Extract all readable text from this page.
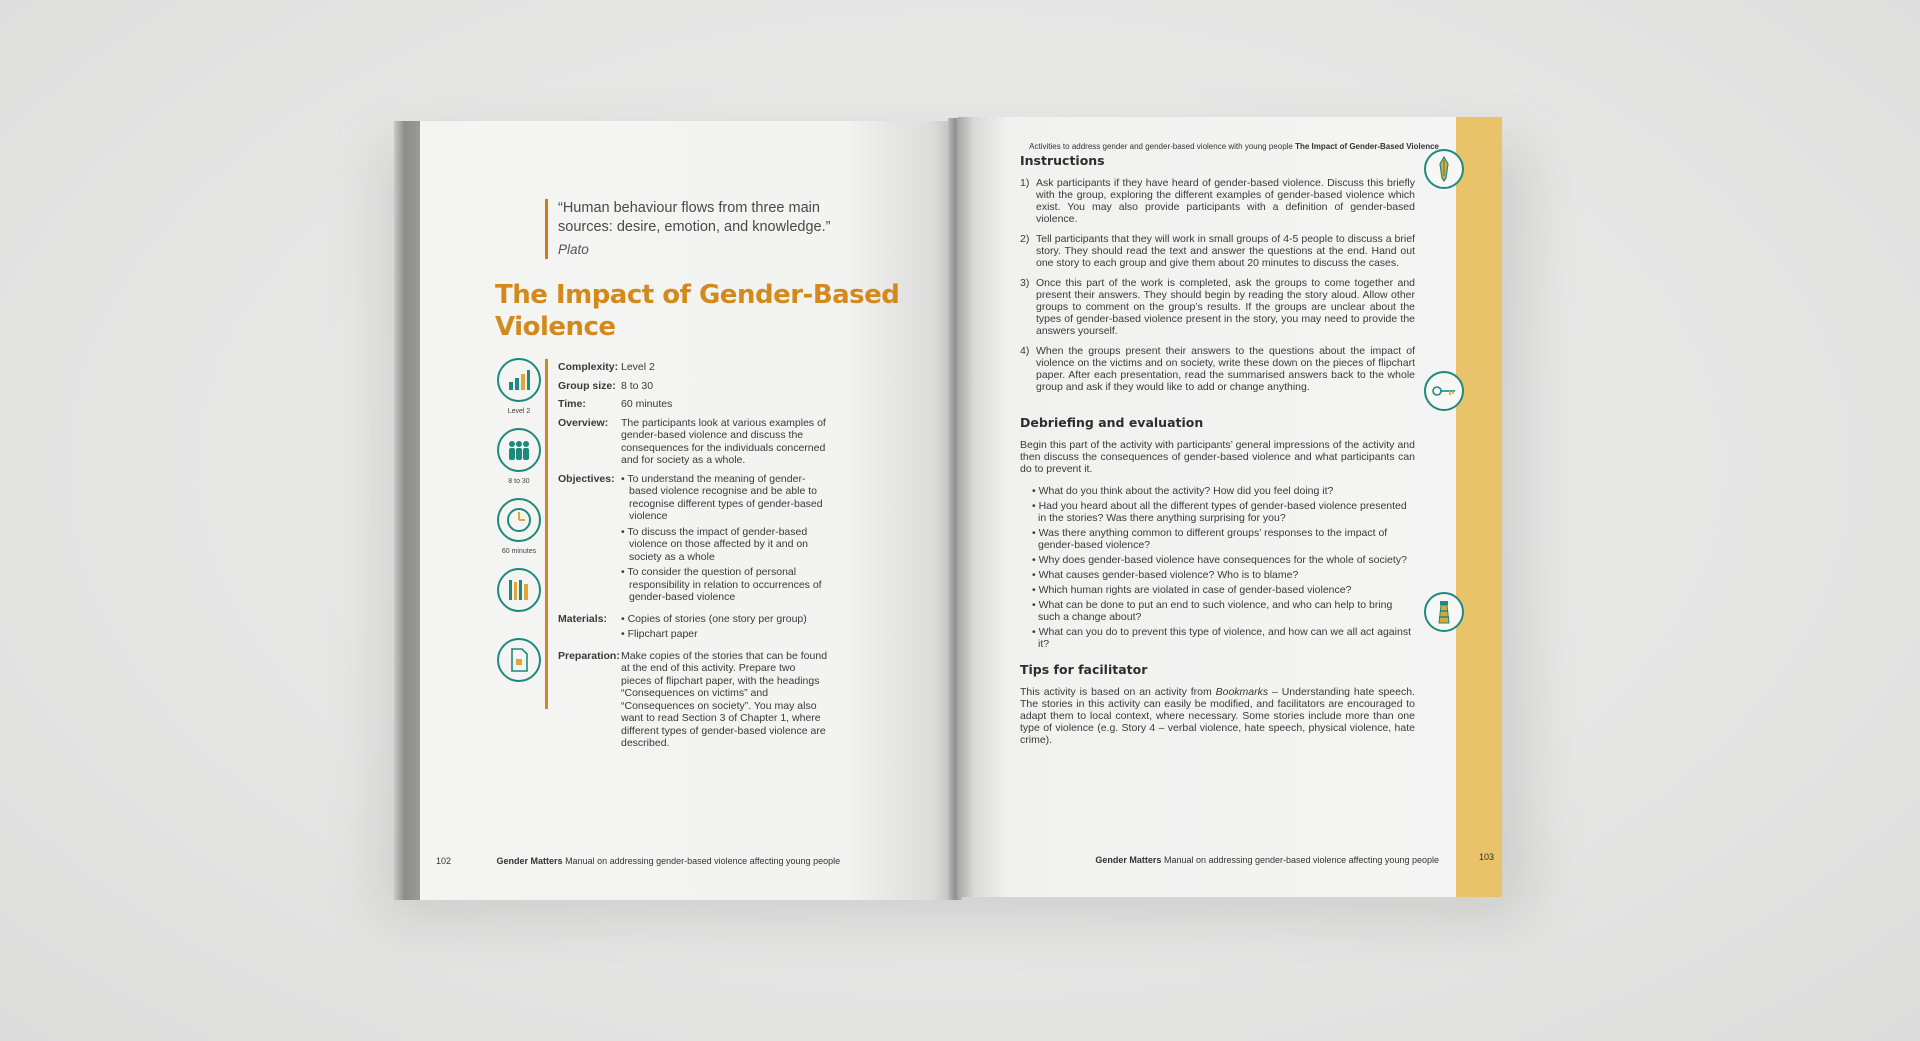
“Human behaviour flows from three main sources: desire, emotion, and knowledge.”
Plato
The Impact of Gender-Based Violence
Level 2
8 to 30
60 minutes
Complexity: Level 2
Group size: 8 to 30
Time:	60 minutes
Overview:	The participants look at various examples of gender-based violence and discuss the consequences for the individuals concerned and for society as a whole.
Objectives:	• To understand the meaning of gender-based violence recognise and be able to recognise different types of gender-based violence
• To discuss the impact of gender-based violence on those affected by it and on society as a whole
• To consider the question of personal responsibility in relation to occurrences of gender-based violence
Materials:	• Copies of stories (one story per group)
• Flipchart paper
Preparation: Make copies of the stories that can be found at the end of this activity. Prepare two pieces of flipchart paper, with the headings “Consequences on victims” and “Consequences on society”. You may also want to read Section 3 of Chapter 1, where different types of gender-based violence are described.
102	Gender Matters Manual on addressing gender-based violence affecting young people
Activities to address gender and gender-based violence with young people The Impact of Gender-Based Violence
Instructions
1) Ask participants if they have heard of gender-based violence. Discuss this briefly with the group, exploring the different examples of gender-based violence which exist. You may also provide participants with a definition of gender-based violence.
2) Tell participants that they will work in small groups of 4-5 people to discuss a brief story. They should read the text and answer the questions at the end. Hand out one story to each group and give them about 20 minutes to discuss the cases.
3) Once this part of the work is completed, ask the groups to come together and present their answers. They should begin by reading the story aloud. Allow other groups to comment on the group’s results. If the groups are unclear about the types of gender-based violence present in the story, you may need to provide the answers yourself.
4) When the groups present their answers to the questions about the impact of violence on the victims and on society, write these down on the pieces of flipchart paper. After each presentation, read the summarised answers back to the whole group and ask if they would like to add or change anything.
Debriefing and evaluation

Begin this part of the activity with participants’ general impressions of the activity and then discuss the consequences of gender-based violence and what participants can do to prevent it.

• What do you think about the activity? How did you feel doing it?
• Had you heard about all the different types of gender-based violence presented in the stories? Was there anything surprising for you?
• Was there anything common to different groups’ responses to the impact of gender-based violence?
• Why does gender-based violence have consequences for the whole of society?
• What causes gender-based violence? Who is to blame?
• Which human rights are violated in case of gender-based violence?
• What can be done to put an end to such violence, and who can help to bring such a change about?
• What can you do to prevent this type of violence, and how can we all act against it?
Tips for facilitator

This activity is based on an activity from Bookmarks – Understanding hate speech. The stories in this activity can easily be modified, and facilitators are encouraged to adapt them to local context, where necessary. Some stories include more than one type of violence (e.g. Story 4 – verbal violence, hate speech, physical violence, hate crime).

Gender Matters Manual on addressing gender-based violence affecting young people	103
